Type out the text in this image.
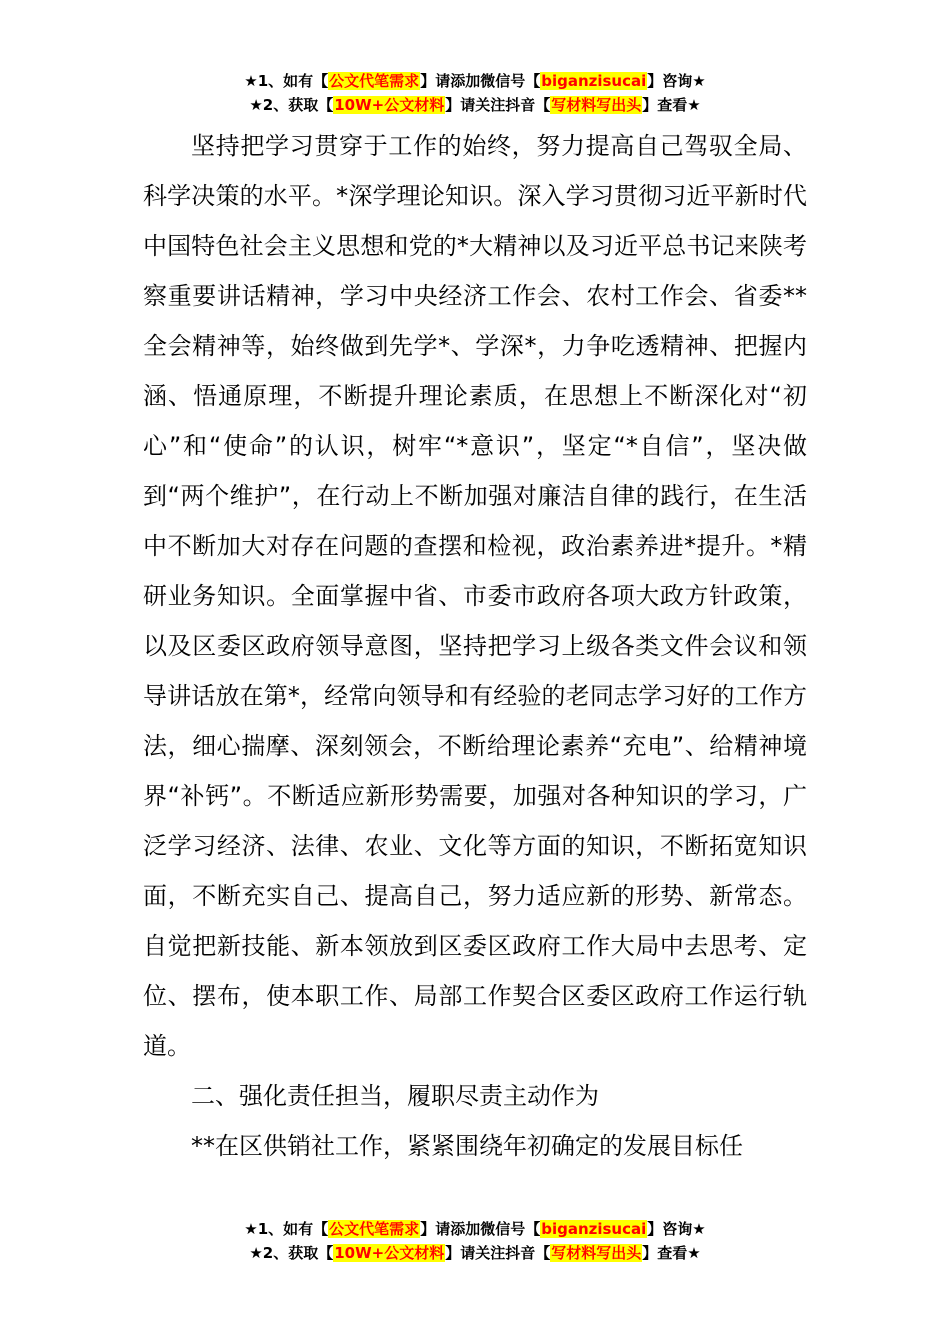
★1、如有【公文代笔需求】请添加微信号【biganzisucai】咨询★
★2、获取【10W+公文材料】请关注抖音【写材料写出头】查看★

坚持把学习贯穿于工作的始终，努力提高自己驾驭全局、科学决策的水平。*深学理论知识。深入学习贯彻习近平新时代中国特色社会主义思想和党的*大精神以及习近平总书记来陕考察重要讲话精神，学习中央经济工作会、农村工作会、省委**全会精神等，始终做到先学*、学深*，力争吃透精神、把握内涵、悟通原理，不断提升理论素质，在思想上不断深化对“初心”和“使命”的认识，树牢“*意识”，坚定“*自信”，坚决做到“两个维护”，在行动上不断加强对廉洁自律的践行，在生活中不断加大对存在问题的查摆和检视，政治素养进*提升。*精研业务知识。全面掌握中省、市委市政府各项大政方针政策，以及区委区政府领导意图，坚持把学习上级各类文件会议和领导讲话放在第*，经常向领导和有经验的老同志学习好的工作方法，细心揣摩、深刻领会，不断给理论素养“充电”、给精神境界“补钙”。不断适应新形势需要，加强对各种知识的学习，广泛学习经济、法律、农业、文化等方面的知识，不断拓宽知识面，不断充实自己、提高自己，努力适应新的形势、新常态。自觉把新技能、新本领放到区委区政府工作大局中去思考、定位、摆布，使本职工作、局部工作契合区委区政府工作运行轨道。

二、强化责任担当，履职尽责主动作为

**在区供销社工作，紧紧围绕年初确定的发展目标任

★1、如有【公文代笔需求】请添加微信号【biganzisucai】咨询★
★2、获取【10W+公文材料】请关注抖音【写材料写出头】查看★
